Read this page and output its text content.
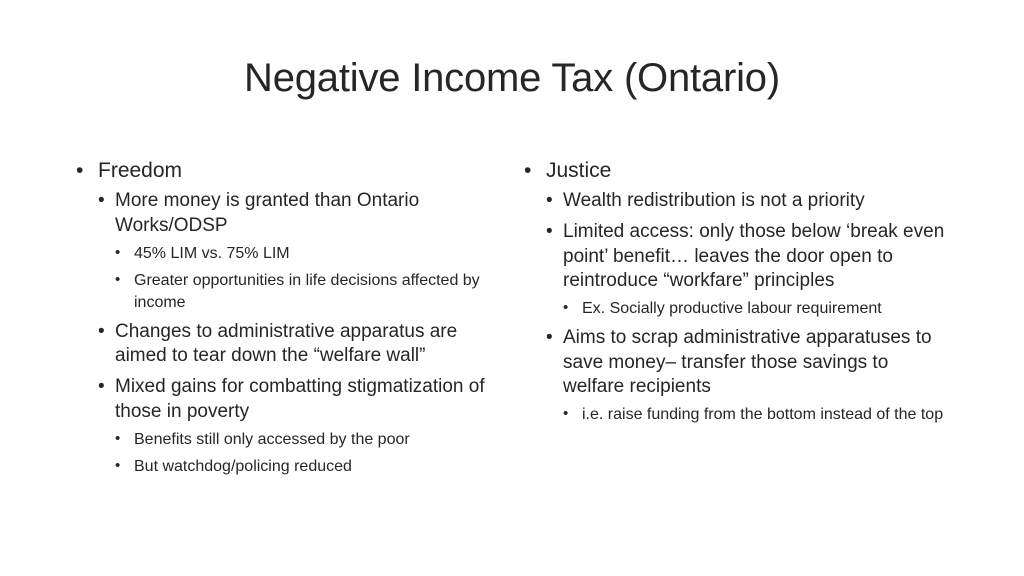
Negative Income Tax (Ontario)
• Freedom
• More money is granted than Ontario Works/ODSP
• 45% LIM vs. 75% LIM
• Greater opportunities in life decisions affected by income
• Changes to administrative apparatus are aimed to tear down the “welfare wall”
• Mixed gains for combatting stigmatization of those in poverty
• Benefits still only accessed by the poor
• But watchdog/policing reduced
• Justice
• Wealth redistribution is not a priority
• Limited access: only those below ‘break even point’ benefit… leaves the door open to reintroduce “workfare” principles
• Ex. Socially productive labour requirement
• Aims to scrap administrative apparatuses to save money– transfer those savings to welfare recipients
• i.e. raise funding from the bottom instead of the top
